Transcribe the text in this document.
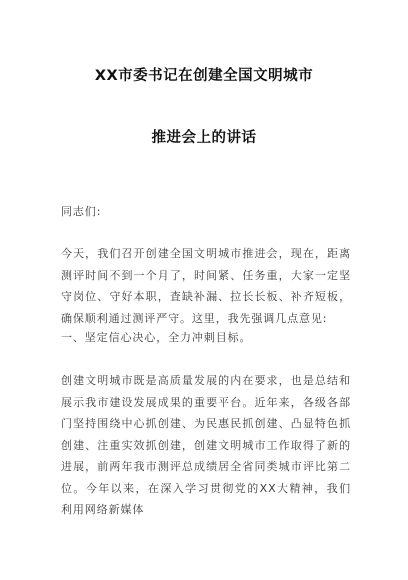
XX市委书记在创建全国文明城市
推进会上的讲话

同志们:

今天，我们召开创建全国文明城市推进会，现在，距离测评时间不到一个月了，时间紧、任务重，大家一定坚守岗位、守好本职，査缺补漏、拉长长板、补齐短板，确保顺利通过测评严守。这里，我先强调几点意见:

一、坚定信心决心，全力冲刺目标。

创建文明城市既是高质量发展的内在要求，也是总结和展示我市建设发展成果的重要平台。近年来，各级各部门坚持围绕中心抓创建、为民惠民抓创建、凸显特色抓创建、注重实效抓创建，创建文明城市工作取得了新的进展，前两年我市测评总成绩居全省同类城市评比第二位。今年以来，在深入学习贯彻党的XX大精神，我们利用网络新媒体
